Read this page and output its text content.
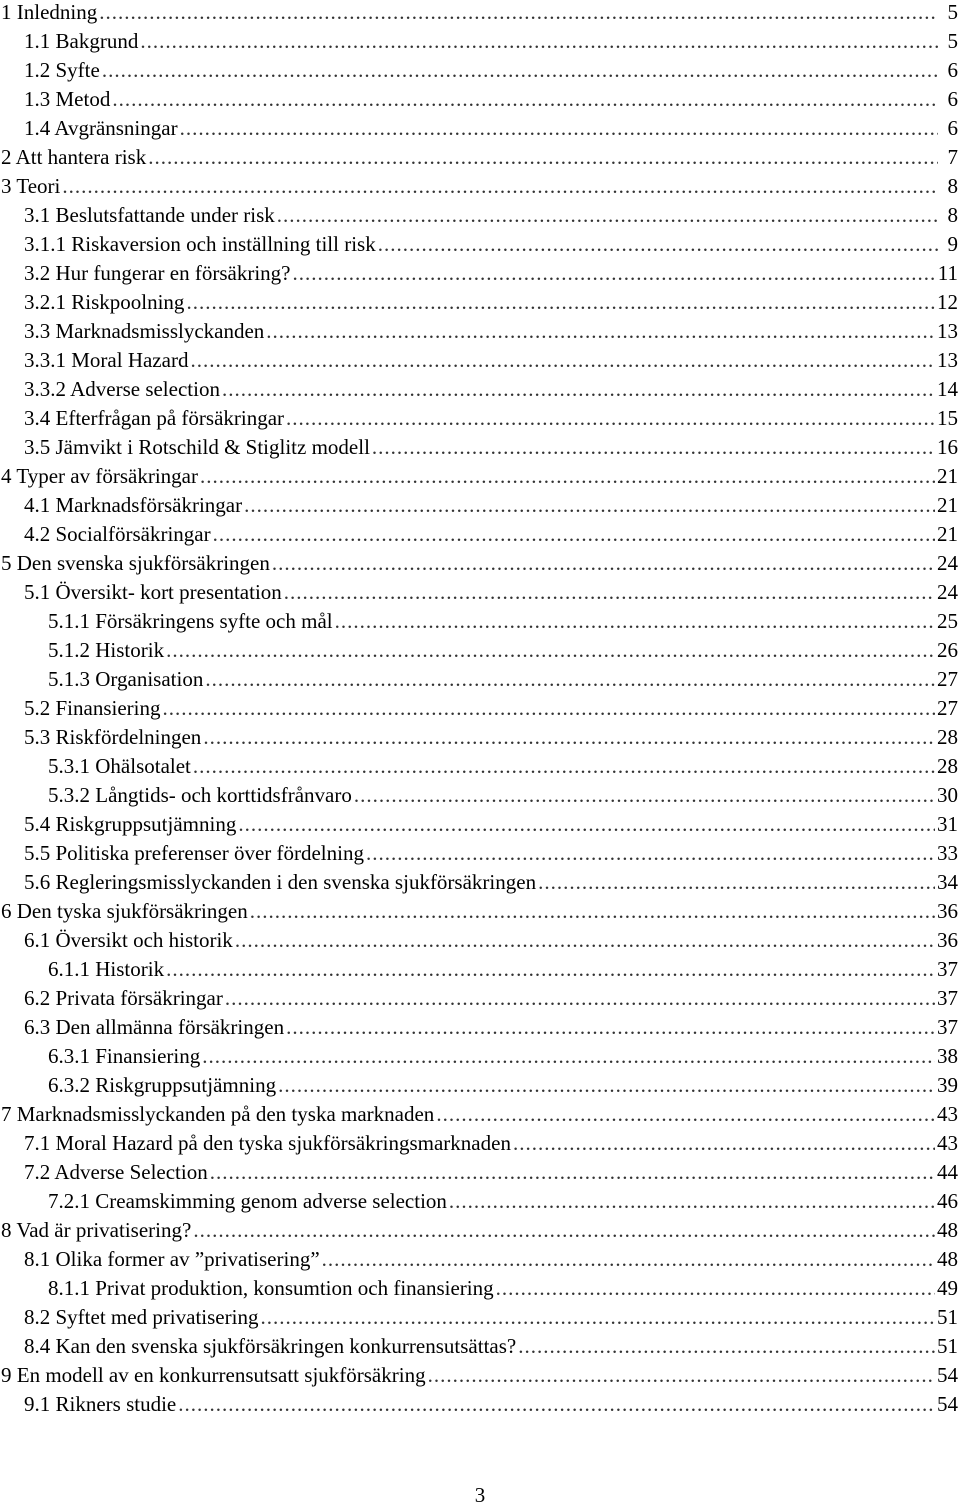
1 Inledning .....	5
1.1 Bakgrund .....	5
1.2 Syfte .....	6
1.3 Metod .....	6
1.4 Avgränsningar .....	6
2 Att hantera risk .....	7
3 Teori .....	8
3.1 Beslutsfattande under risk .....	8
3.1.1 Riskaversion och inställning till risk .....	9
3.2 Hur fungerar en försäkring? .....	11
3.2.1 Riskpoolning .....	12
3.3 Marknadsmisslyckanden .....	13
3.3.1 Moral Hazard .....	13
3.3.2 Adverse selection .....	14
3.4 Efterfrågan på försäkringar .....	15
3.5 Jämvikt i Rotschild & Stiglitz modell .....	16
4 Typer av försäkringar .....	21
4.1 Marknadsförsäkringar .....	21
4.2 Socialförsäkringar .....	21
5 Den svenska sjukförsäkringen .....	24
5.1 Översikt- kort presentation .....	24
5.1.1 Försäkringens syfte och mål .....	25
5.1.2 Historik .....	26
5.1.3 Organisation .....	27
5.2 Finansiering .....	27
5.3 Riskfördelningen .....	28
5.3.1 Ohälsotalet .....	28
5.3.2 Långtids- och korttidsfrånvaro .....	30
5.4 Riskgruppsutjämning .....	31
5.5 Politiska preferenser över fördelning .....	33
5.6 Regleringsmisslyckanden i den svenska sjukförsäkringen .....	34
6 Den tyska sjukförsäkringen .....	36
6.1 Översikt och historik .....	36
6.1.1 Historik .....	37
6.2 Privata försäkringar .....	37
6.3 Den allmänna försäkringen .....	37
6.3.1 Finansiering .....	38
6.3.2 Riskgruppsutjämning .....	39
7 Marknadsmisslyckanden på den tyska marknaden .....	43
7.1 Moral Hazard på den tyska sjukförsäkringsmarknaden .....	43
7.2 Adverse Selection .....	44
7.2.1 Creamskimming genom adverse selection .....	46
8 Vad är privatisering? .....	48
8.1 Olika former av ”privatisering” .....	48
8.1.1 Privat produktion, konsumtion och finansiering .....	49
8.2 Syftet med privatisering .....	51
8.4 Kan den svenska sjukförsäkringen konkurrensutsättas? .....	51
9 En modell av en konkurrensutsatt sjukförsäkring .....	54
9.1 Rikners studie .....	54
3
